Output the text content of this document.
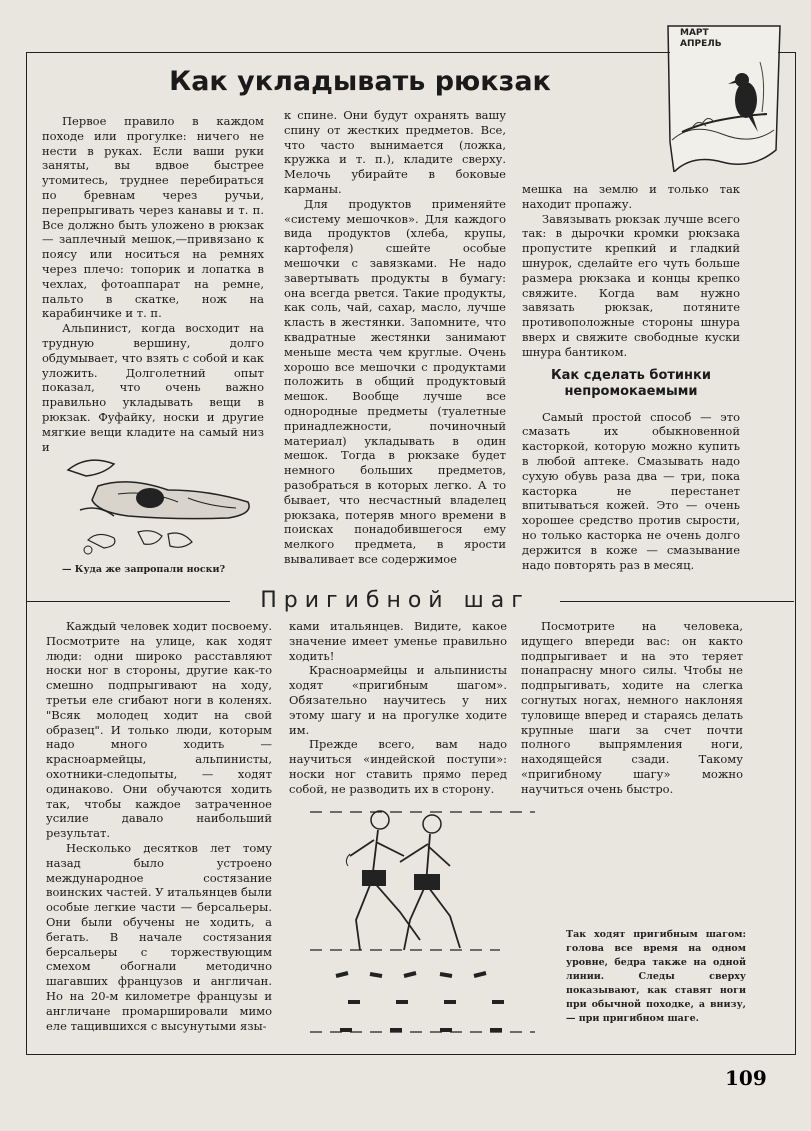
МАРТ
АПРЕЛЬ
Как укладывать рюкзак

Первое правило в каждом походе или прогулке: ничего не нести в руках. Если ваши руки заняты, вы вдвое быстрее утомитесь, труднее перебираться по бревнам через ручьи, перепрыгивать через канавы и т. п. Все должно быть уложено в рюкзак — заплечный мешок,—привязано к поясу или носиться на ремнях через плечо: топорик и лопатка в чехлах, фотоаппарат на ремне, пальто в скатке, нож на карабинчике и т. п.

Альпинист, когда восходит на трудную вершину, долго обдумывает, что взять с собой и как уложить. Долголетний опыт показал, что очень важно правильно укладывать вещи в рюкзак. Фуфайку, носки и другие мягкие вещи кладите на самый низ и

к спине. Они будут охранять вашу спину от жестких предметов. Все, что часто вынимается (ложка, кружка и т. п.), кладите сверху. Мелочь убирайте в боковые карманы.

Для продуктов применяйте «систему мешочков». Для каждого вида продуктов (хлеба, крупы, картофеля) сшейте особые мешочки с завязками. Не надо завертывать продукты в бумагу: она всегда рвется. Такие продукты, как соль, чай, сахар, масло, лучше класть в жестянки. Запомните, что квадратные жестянки занимают меньше места чем круглые. Очень хорошо все мешочки с продуктами положить в общий продуктовый мешок. Вообще лучше все однородные предметы (туалетные принадлежности, починочный материал) укладывать в один мешок. Тогда в рюкзаке будет немного больших предметов, разобраться в которых легко. А то бывает, что несчастный владелец рюкзака, потеряв много времени в поисках понадобившегося ему мелкого предмета, в ярости вываливает все содержимое

мешка на землю и только так находит пропажу.

Завязывать рюкзак лучше всего так: в дырочки кромки рюкзака пропустите крепкий и гладкий шнурок, сделайте его чуть больше размера рюкзака и концы крепко свяжите. Когда вам нужно завязать рюкзак, потяните противоположные стороны шнура вверх и свяжите свободные куски шнура бантиком.

Как сделать ботинки непромокаемыми

Самый простой способ — это смазать их обыкновенной касторкой, которую можно купить в любой аптеке. Смазывать надо сухую обувь раза два — три, пока касторка не перестанет впитываться кожей. Это — очень хорошее средство против сырости, но только касторка не очень долго держится в коже — смазывание надо повторять раз в месяц.

— Куда же запропали носки?
Пригибной шаг

Каждый человек ходит посвоему. Посмотрите на улице, как ходят люди: одни широко расставляют носки ног в стороны, другие как-то смешно подпрыгивают на ходу, третьи еле сгибают ноги в коленях. "Всяк молодец ходит на свой образец". И только люди, которым надо много ходить — красноармейцы, альпинисты, охотники-следопыты, — ходят одинаково. Они обучаются ходить так, чтобы каждое затраченное усилие давало наибольший результат.

Несколько десятков лет тому назад было устроено международное состязание воинских частей. У итальянцев были особые легкие части — берсальеры. Они были обучены не ходить, а бегать. В начале состязания берсальеры с торжествующим смехом обогнали методично шагавших французов и англичан. Но на 20-м километре французы и англичане промаршировали мимо еле тащившихся с высунутыми язы-

ками итальянцев. Видите, какое значение имеет уменье правильно ходить!

Красноармейцы и альпинисты ходят «пригибным шагом». Обязательно научитесь у них этому шагу и на прогулке ходите им.

Прежде всего, вам надо научиться «индейской поступи»: носки ног ставить прямо перед собой, не разводить их в сторону.

Посмотрите на человека, идущего впереди вас: он както подпрыгивает и на это теряет понапрасну много силы. Чтобы не подпрыгивать, ходите на слегка согнутых ногах, немного наклоняя туловище вперед и стараясь делать крупные шаги за счет почти полного выпрямления ноги, находящейся сзади. Такому «пригибному шагу» можно научиться очень быстро.

Так ходят пригибным шагом: голова все время на одном уровне, бедра также на одной линии. Следы сверху показывают, как ставят ноги при обычной походке, а внизу,— при пригибном шаге.
109
